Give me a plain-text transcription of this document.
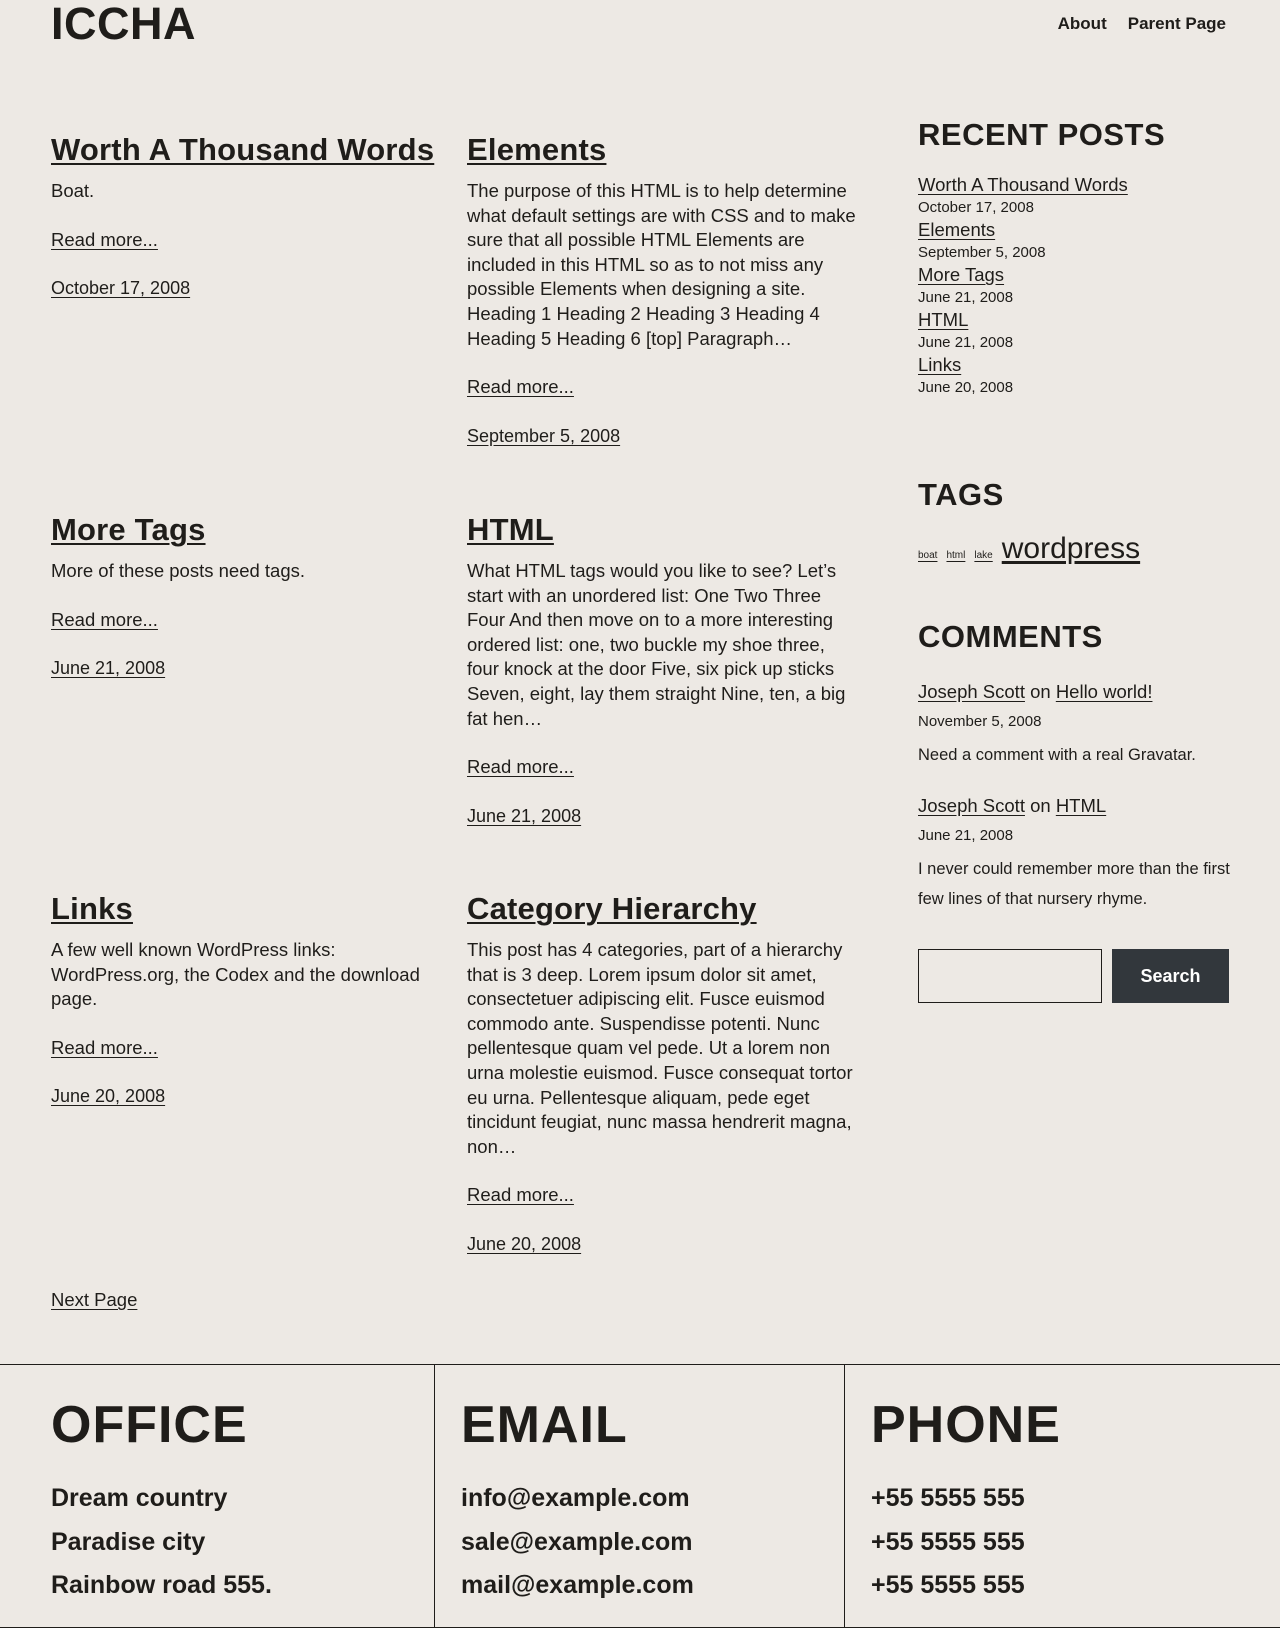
ICCHA	About Parent Page
Worth A Thousand Words

Boat.

Read more...
October 17, 2008
Elements

The purpose of this HTML is to help determine what default settings are with CSS and to make sure that all possible HTML Elements are included in this HTML so as to not miss any possible Elements when designing a site. Heading 1 Heading 2 Heading 3 Heading 4 Heading 5 Heading 6 [top] Paragraph…

Read more...
September 5, 2008
More Tags

More of these posts need tags.

Read more...
June 21, 2008
HTML

What HTML tags would you like to see? Let’s start with an unordered list: One Two Three Four And then move on to a more interesting ordered list: one, two buckle my shoe three, four knock at the door Five, six pick up sticks Seven, eight, lay them straight Nine, ten, a big fat hen…

Read more...
June 21, 2008
Links

A few well known WordPress links: WordPress.org, the Codex and the download page.

Read more...
June 20, 2008
Category Hierarchy

This post has 4 categories, part of a hierarchy that is 3 deep. Lorem ipsum dolor sit amet, consectetuer adipiscing elit. Fusce euismod commodo ante. Suspendisse potenti. Nunc pellentesque quam vel pede. Ut a lorem non urna molestie euismod. Fusce consequat tortor eu urna. Pellentesque aliquam, pede eget tincidunt feugiat, nunc massa hendrerit magna, non…

Read more...
June 20, 2008
Next Page
RECENT POSTS
Worth A Thousand Words
October 17, 2008
Elements
September 5, 2008
More Tags
June 21, 2008
HTML
June 21, 2008
Links
June 20, 2008
TAGS
boat html lake wordpress
COMMENTS
Joseph Scott on Hello world!
November 5, 2008
Need a comment with a real Gravatar.
Joseph Scott on HTML
June 21, 2008
I never could remember more than the first few lines of that nursery rhyme.
Search
OFFICE
Dream country
Paradise city
Rainbow road 555.
EMAIL
info@example.com
sale@example.com
mail@example.com
PHONE
+55 5555 555
+55 5555 555
+55 5555 555
